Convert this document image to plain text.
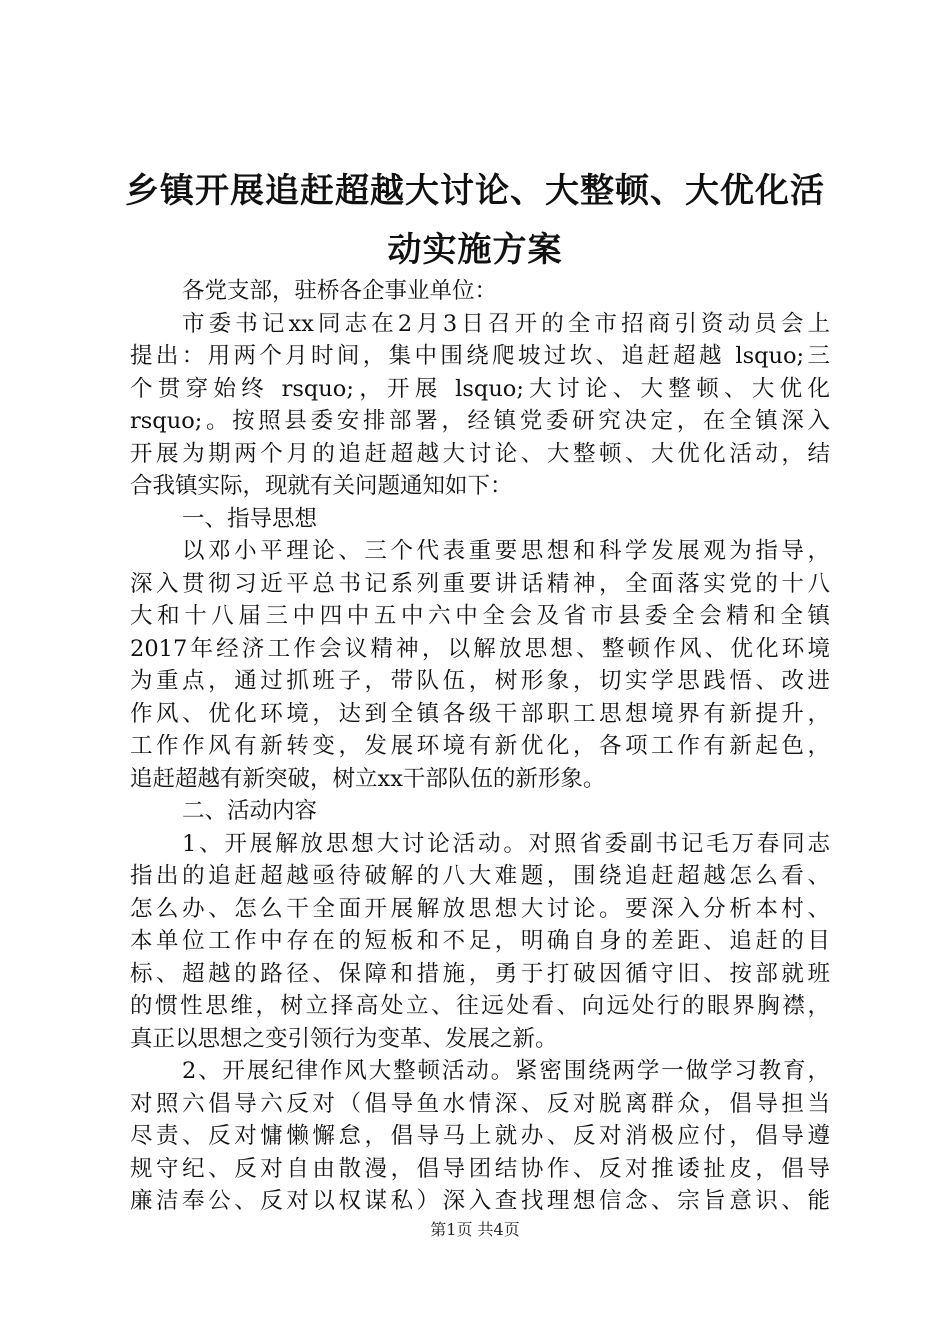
乡镇开展追赶超越大讨论、大整顿、大优化活
动实施方案
各党支部，驻桥各企事业单位：
市委书记xx同志在2月3日召开的全市招商引资动员会上
提出：用两个月时间，集中围绕爬坡过坎、追赶超越 lsquo;三
个贯穿始终 rsquo;，开展 lsquo;大讨论、大整顿、大优化
rsquo;。按照县委安排部署，经镇党委研究决定，在全镇深入
开展为期两个月的追赶超越大讨论、大整顿、大优化活动，结
合我镇实际，现就有关问题通知如下：
一、指导思想
以邓小平理论、三个代表重要思想和科学发展观为指导，
深入贯彻习近平总书记系列重要讲话精神，全面落实党的十八
大和十八届三中四中五中六中全会及省市县委全会精和全镇
2017年经济工作会议精神，以解放思想、整顿作风、优化环境
为重点，通过抓班子，带队伍，树形象，切实学思践悟、改进
作风、优化环境，达到全镇各级干部职工思想境界有新提升，
工作作风有新转变，发展环境有新优化，各项工作有新起色，
追赶超越有新突破，树立xx干部队伍的新形象。
二、活动内容
1、开展解放思想大讨论活动。对照省委副书记毛万春同志
指出的追赶超越亟待破解的八大难题，围绕追赶超越怎么看、
怎么办、怎么干全面开展解放思想大讨论。要深入分析本村、
本单位工作中存在的短板和不足，明确自身的差距、追赶的目
标、超越的路径、保障和措施，勇于打破因循守旧、按部就班
的惯性思维，树立择高处立、往远处看、向远处行的眼界胸襟，
真正以思想之变引领行为变革、发展之新。
2、开展纪律作风大整顿活动。紧密围绕两学一做学习教育，
对照六倡导六反对（倡导鱼水情深、反对脱离群众，倡导担当
尽责、反对慵懒懈怠，倡导马上就办、反对消极应付，倡导遵
规守纪、反对自由散漫，倡导团结协作、反对推诿扯皮，倡导
廉洁奉公、反对以权谋私）深入查找理想信念、宗旨意识、能
第1页 共4页
